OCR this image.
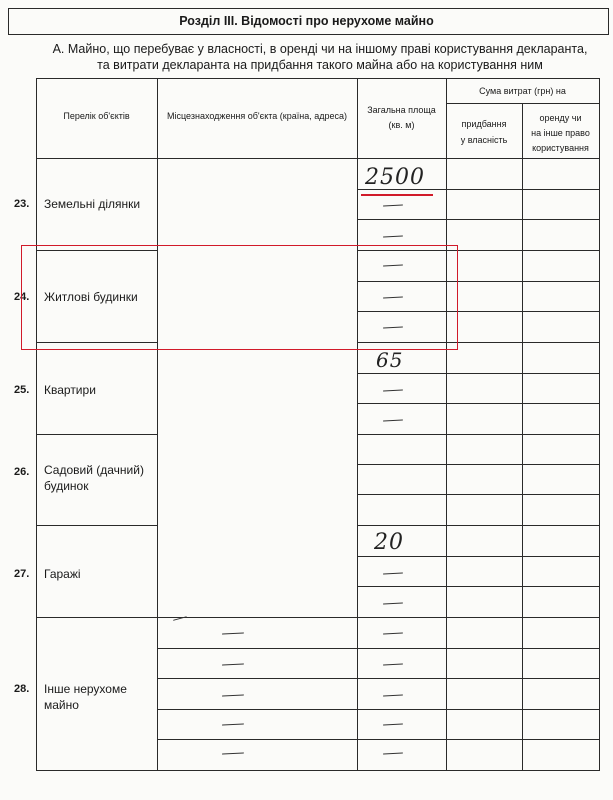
Розділ III. Відомості про нерухоме майно
А. Майно, що перебуває у власності, в оренді чи на іншому праві користування декларанта,
та витрати декларанта на придбання такого майна або на користування ним
Перелік об'єктів	Місцезнаходження об'єкта (країна, адреса)
Загальна площа
(кв. м)
Сума витрат (грн) на
придбання
у власність
оренду чи
на інше право
користування
23. Земельні ділянки
24. Житлові будинки
25. Квартири
26. Садовий (дачний)
будинок
27. Гаражі
28. Інше нерухоме
майно
2500
65
20
